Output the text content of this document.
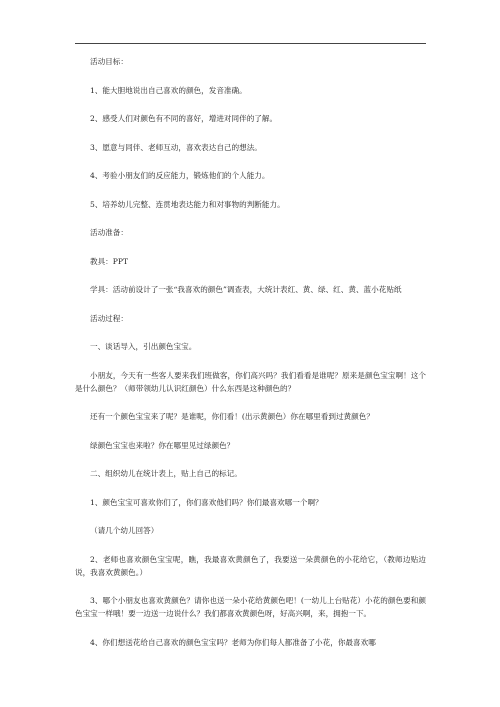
活动目标：

1、能大胆地说出自己喜欢的颜色，发音准确。

2、感受人们对颜色有不同的喜好，增进对同伴的了解。

3、愿意与同伴、老师互动，喜欢表达自己的想法。

4、考验小朋友们的反应能力，锻炼他们的个人能力。

5、培养幼儿完整、连贯地表达能力和对事物的判断能力。

活动准备：

教具：PPT

学具：活动前设计了一张“我喜欢的颜色”调查表，大统计表红、黄、绿、红、黄、蓝小花贴纸

活动过程：

一、谈话导入，引出颜色宝宝。

小朋友，今天有一些客人要来我们班做客，你们高兴吗？我们看看是谁呢？原来是颜色宝宝啊！这个是什么颜色？（师带领幼儿认识红颜色）什么东西是这种颜色的？

还有一个颜色宝宝来了呢？是谁呢，你们看！(出示黄颜色）你在哪里看到过黄颜色？

绿颜色宝宝也来啦？你在哪里见过绿颜色？

二、组织幼儿在统计表上，贴上自己的标记。

1、颜色宝宝可喜欢你们了，你们喜欢他们吗？你们最喜欢哪一个啊？

（请几个幼儿回答）

2、老师也喜欢颜色宝宝呢，瞧，我最喜欢黄颜色了，我要送一朵黄颜色的小花给它，（教师边贴边说，我喜欢黄颜色。）

3、哪个小朋友也喜欢黄颜色？请你也送一朵小花给黄颜色吧！(一幼儿上台贴花）小花的颜色要和颜色宝宝一样哦！要一边送一边说什么？我们都喜欢黄颜色呀，好高兴啊，来，拥抱一下。

4、你们想送花给自己喜欢的颜色宝宝吗？老师为你们每人都准备了小花，你最喜欢哪
